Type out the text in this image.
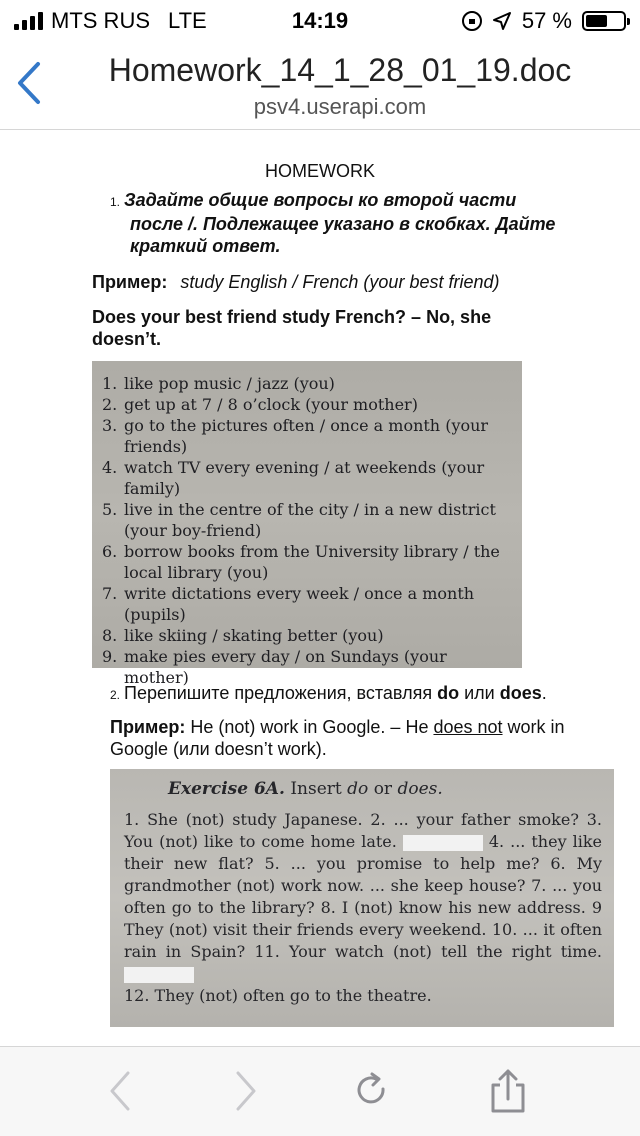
MTS RUS LTE	14:19	57 %
Homework_14_1_28_01_19.doc
psv4.userapi.com
HOMEWORK
1. Задайте общие вопросы ко второй части
после /. Подлежащее указано в скобках. Дайте краткий ответ.
Пример: study English / French (your best friend)
Does your best friend study French? – No, she doesn’t.
1. like pop music / jazz (you)
2. get up at 7 / 8 o’clock (your mother)
3. go to the pictures often / once a month (your friends)
4. watch TV every evening / at weekends (your family)
5. live in the centre of the city / in a new district (your boy-friend)
6. borrow books from the University library / the local library (you)
7. write dictations every week / once a month (pupils)
8. like skiing / skating better (you)
9. make pies every day / on Sundays (your mother)
2. Перепишите предложения, вставляя do или does.
Пример: He (not) work in Google. – He does not work in Google (или doesn’t work).
Exercise 6A. Insert do or does.
1. She (not) study Japanese. 2. ... your father smoke? 3. You (not) like to come home late.	4. ... they like their new flat? 5. ... you promise to help me? 6. My grandmother (not) work now. ... she keep house? 7. ... you often go to the library? 8. I (not) know his new address. 9 They (not) visit their friends every weekend. 10. ... it often rain in Spain? 11. Your watch (not) tell the right time.
12. They (not) often go to the theatre.
